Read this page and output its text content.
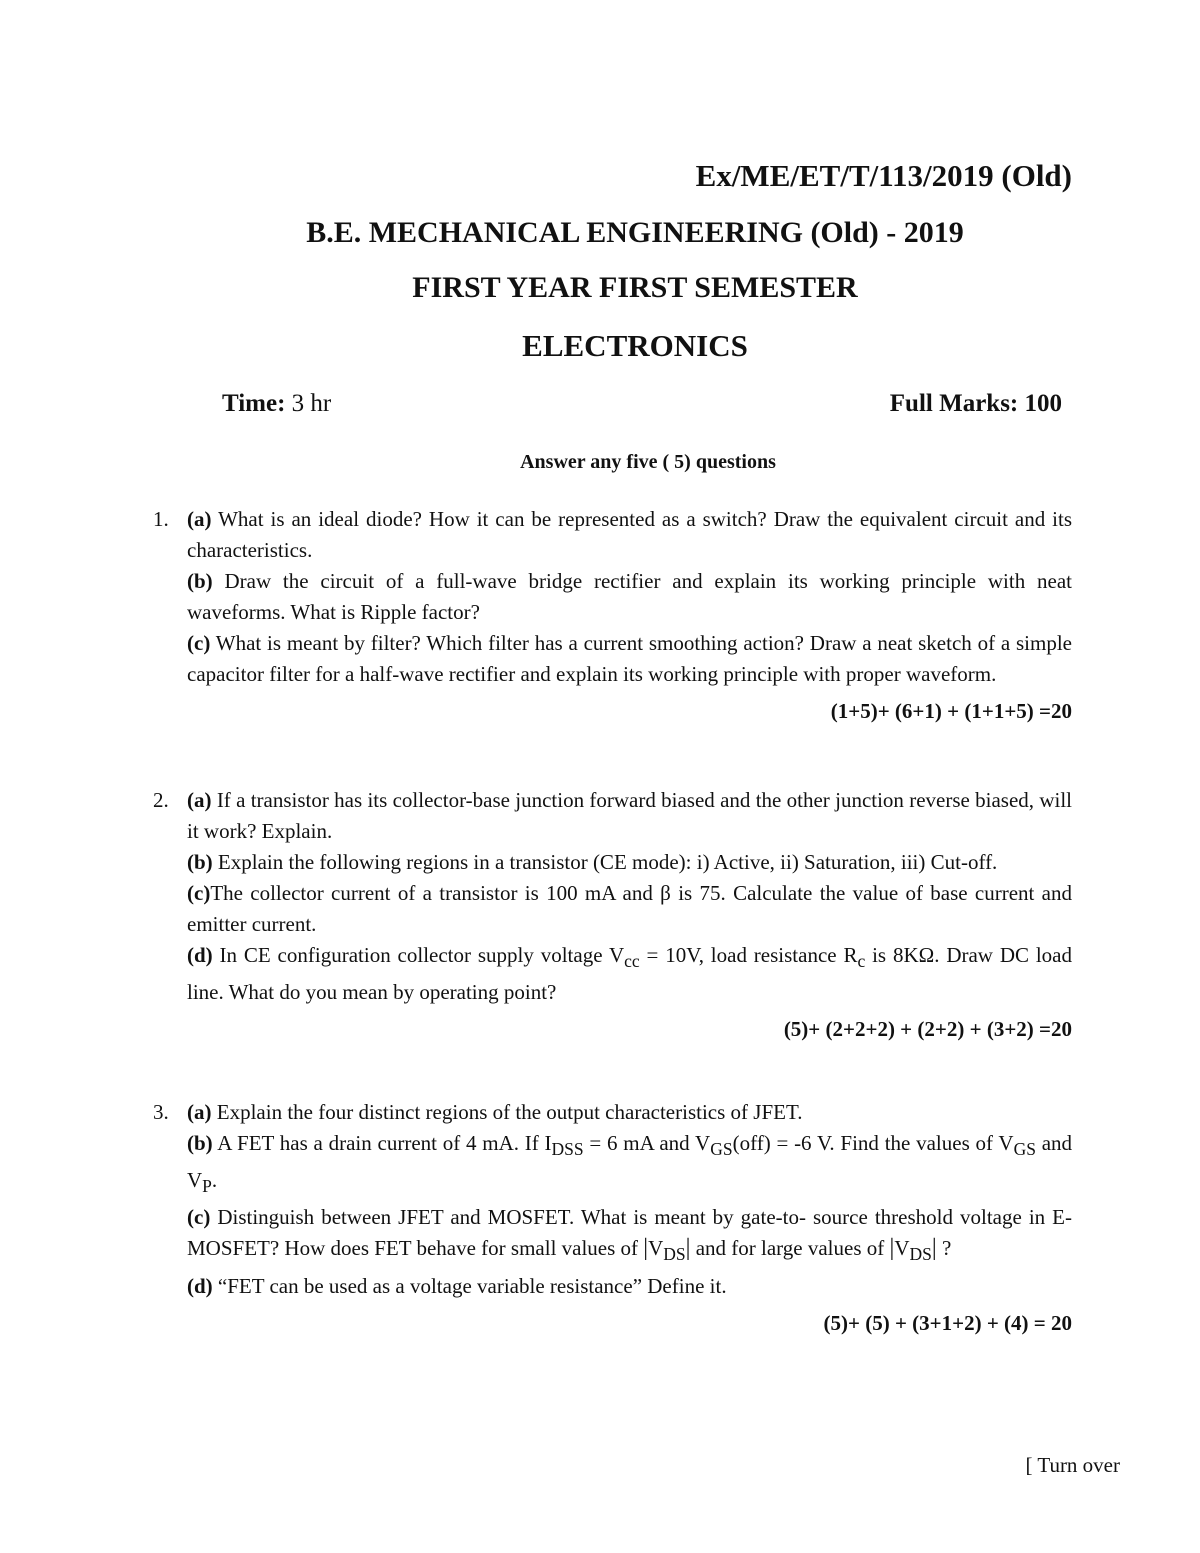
Ex/ME/ET/T/113/2019 (Old)
B.E. MECHANICAL ENGINEERING (Old) - 2019
FIRST YEAR FIRST SEMESTER
ELECTRONICS
Time: 3 hr	Full Marks: 100
Answer any five ( 5) questions
1. (a) What is an ideal diode? How it can be represented as a switch? Draw the equivalent circuit and its characteristics.

(b) Draw the circuit of a full-wave bridge rectifier and explain its working principle with neat waveforms. What is Ripple factor?

(c) What is meant by filter? Which filter has a current smoothing action? Draw a neat sketch of a simple capacitor filter for a half-wave rectifier and explain its working principle with proper waveform.

(1+5)+ (6+1) + (1+1+5) =20
2. (a) If a transistor has its collector-base junction forward biased and the other junction reverse biased, will it work? Explain.

(b) Explain the following regions in a transistor (CE mode): i) Active, ii) Saturation, iii) Cut-off.

(c)The collector current of a transistor is 100 mA and β is 75. Calculate the value of base current and emitter current.

(d) In CE configuration collector supply voltage $V_{cc} = 10V$, load resistance $R_c$ is 8KΩ. Draw DC load line. What do you mean by operating point?

(5)+ (2+2+2) + (2+2) + (3+2) =20
3. (a) Explain the four distinct regions of the output characteristics of JFET.

(b) A FET has a drain current of 4 mA. If $I_{DSS} = 6$ mA and $V_{GS}(off) = -6$ V. Find the values of $V_{GS}$ and $V_P$.

(c) Distinguish between JFET and MOSFET. What is meant by gate-to- source threshold voltage in E-MOSFET? How does FET behave for small values of $|V_{DS}|$ and for large values of $|V_{DS}|$ ?

(d) “FET can be used as a voltage variable resistance” Define it.

(5)+ (5) + (3+1+2) + (4) = 20
[ Turn over
